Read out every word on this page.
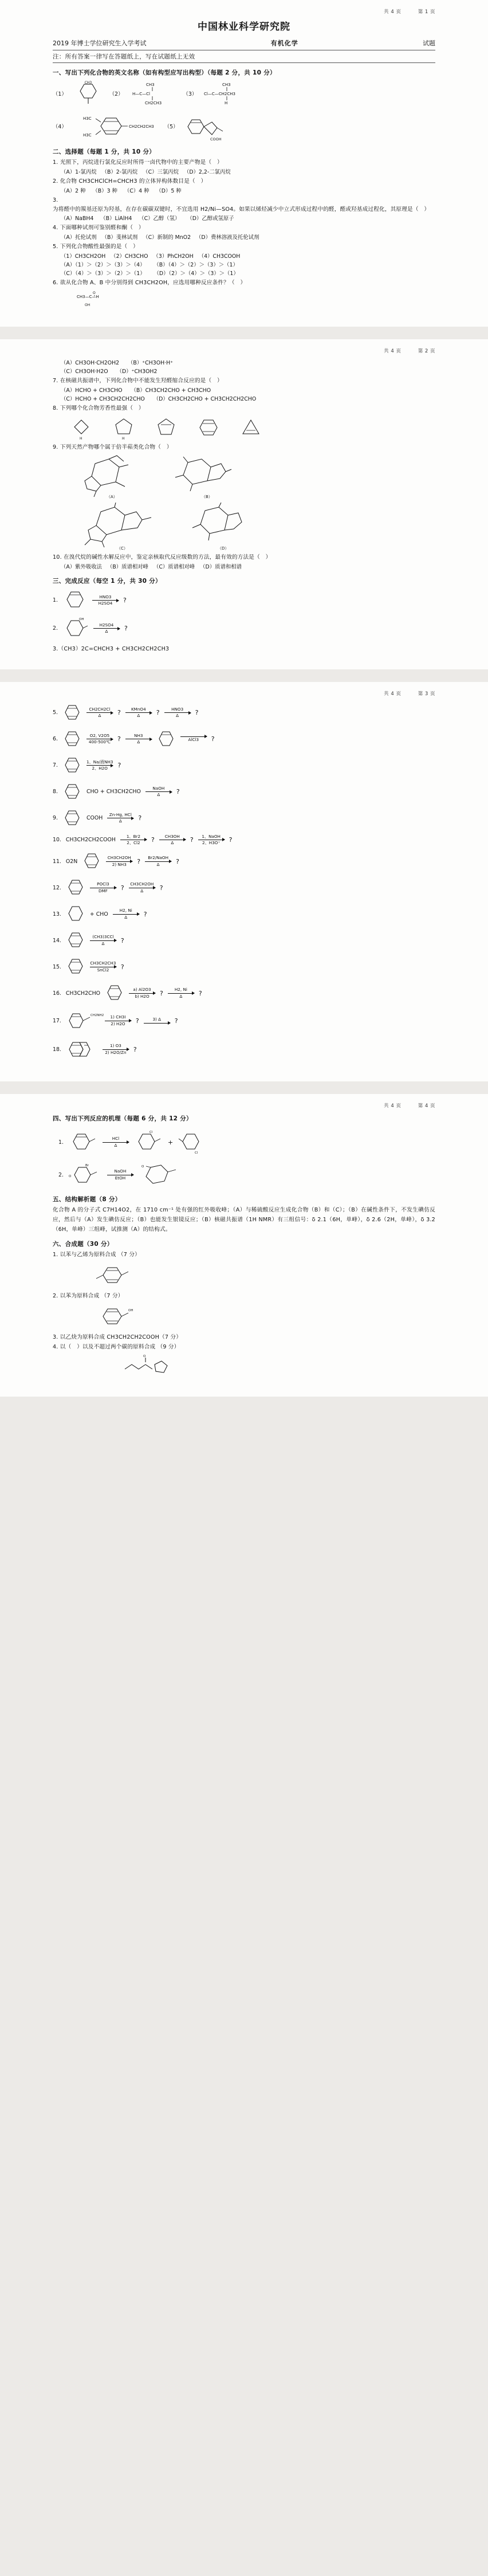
共 4 页	第 1 页
中国林业科学研究院
2019 年博士学位研究生入学考试	有机化学	试题
注：所有答案一律写在答题纸上，写在试题纸上无效
一、写出下列化合物的英文名称（如有构型应写出构型）（每题 2 分，共 10 分）
（1）
CH3
（2）
CH3
H—C—Cl
CH2CH3
（3）
CH3
Cl—C—CH2CH3
H
（4）
H3C
H3C
CH2CH2CH3 （5）
COOH
二、选择题（每题 1 分，共 10 分）
1. 光照下，丙烷进行氯化反应时所得一卤代物中的主要产物是（　）
（A）1-氯丙烷 （B）2-氯丙烷 （C）三氯丙烷 （D）2,2-二氯丙烷
2. 化合物 CH3CHClCH=CHCH3 的立体异构体数目是（　）
（A）2 种 （B）3 种 （C）4 种 （D）5 种
3. 为将醛中的羰基还原为羟基，在存在碳碳双键时，不宜选用 H2/Ni—SO4。如果以烯烃减少中立式形成过程中的醛，醛或羟基成过程化，其原理是（　）
（A）NaBH4 （B）LiAlH4 （C）乙醇（氢） （D）乙醇或氢原子
4. 下面哪种试剂可鉴别醛和酮（　）
（A）托伦试剂 （B）斐林试剂 （C）新制的 MnO2 （D）费林溶液及托伦试剂
5. 下列化合物酸性最强的是（　）
（1）CH3CH2OH （2）CH3CHO （3）PhCH2OH （4）CH3COOH
（A）（1）＞（2）＞（3）＞（4） （B）（4）＞（2）＞（3）＞（1）
（C）（4）＞（3）＞（2）＞（1） （D）（2）＞（4）＞（3）＞（1）
6. 欲从化合物 A、B 中分别得到 CH3CH2OH，应选用哪种反应条件？（　）
CH3—C—H
O
OH
共 4 页	第 2 页
（A）CH3OH·CH2OH2 （B）⁺CH3OH·H⁺
（C）CH3OH·H2O （D）⁺CH3OH2
7. 在核磁共振谱中，下列化合物中不能发生羟醛缩合反应的是（　）
（A）HCHO + CH3CHO （B）CH3CH2CHO + CH3CHO
（C）HCHO + CH3CH2CH2CHO （D）CH3CH2CHO + CH3CH2CH2CHO
8. 下列哪个化合物芳香性最强（　）
H	H
9. 下列天然产物哪个属于倍半萜类化合物（　）
（A）	（B）
（C）	（D）
10. 在溴代烷的碱性水解反应中，鉴定亲核取代反应级数的方法，最有效的方法是（　）
（A）紫外吸收法 （B）质谱相对峰 （C）质谱相对峰 （D）质谱和相谱
三、完成反应（每空 1 分，共 30 分）
1.
HNO3
H2SO4 ?
2.
OH
H2SO4
Δ	?
3.（CH3）2C=CHCH3 + CH3CH2CH2CH3
共 4 页	第 3 页
5.
CH2CH2Cl
Δ	?	KMnO4
Δ	?	HNO3
Δ	?
6.
O2, V2O5
400-500℃ ?	NH3
Δ	AlCl3 ?
7.
1、Na/液NH3
2、H2O ?
8.	CHO + CH3CH2CHO
NaOH
Δ	?
9.	COOH
Zn-Hg, HCl
Δ	?
10. CH3CH2CH2COOH
1、Br2
2、Cl2 ? CH3OH
Δ	? 1、NaOH
2、H3O⁺ ?
11. O2N
CH3CH2OH
2) NH3 ? Br2/NaOH
Δ	?
12.
POCl3
DMF ? CH3CH2OH
Δ	?
13.	+ CHO
H2, Ni
Δ	?
14.
(CH3)3CCl
Δ	?
15.
CH3CH2CH3
SnCl2 ?
16. CH3CH2CHO
a) Al2O3
b) H2O ?	H2, Ni
Δ	?
17.
CH2NH2 1) CH3I
2) H2O ?	3) Δ ?
18.
1) O3
2) H2O/Zn ?
共 4 页	第 4 页
四、写出下列反应的机理（每题 6 分，共 12 分）
1.
HCl
Δ
Cl
+
Cl
2.
Br
O
NaOH
EtOH
O
五、结构解析题（8 分）
化合物 A 的分子式 C7H14O2，在 1710 cm⁻¹ 处有强的红外吸收峰；（A）与稀硫酸反应生成化合物（B）和（C）；（B）在碱性条件下，不发生碘仿反应，然后与（A）发生碘仿反应；（B）也能发生银镜反应；（B）核磁共振谱（1H NMR）有三组信号：δ 2.1（6H，单峰），δ 2.6（2H，单峰），δ 3.2（6H，单峰）三组峰，试推测（A）的结构式。
六、合成题（30 分）
1. 以苯与乙烯为原料合成 （7 分）
2. 以苯为原料合成 （7 分）
OH
3. 以乙炔为原料合成 CH3CH2CH2COOH（7 分）
4. 以（　）以及不超过两个碳的原料合成 （9 分）
O
